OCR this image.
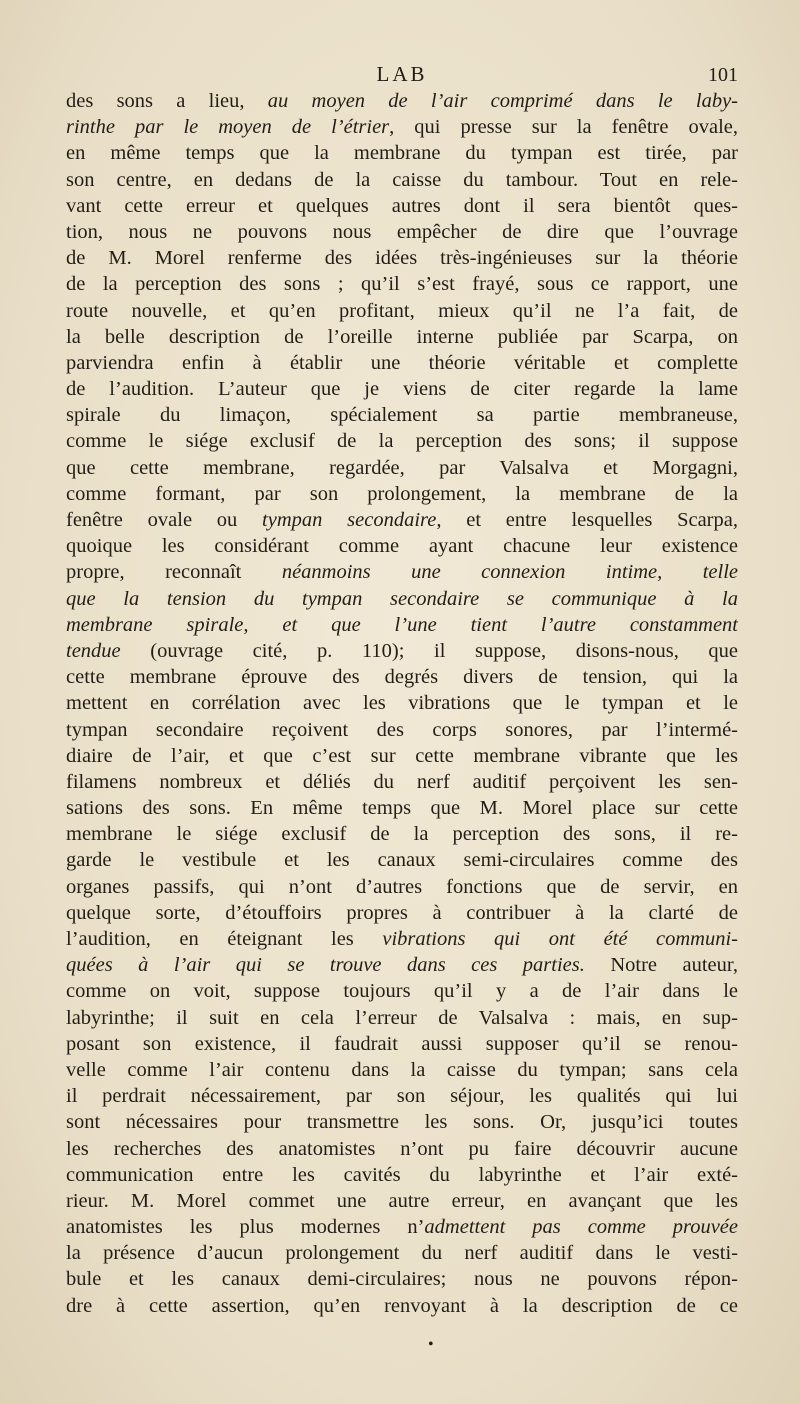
LAB	101
des sons a lieu, au moyen de l’air comprimé dans le laby-
rinthe par le moyen de l’étrier, qui presse sur la fenêtre ovale,
en même temps que la membrane du tympan est tirée, par
son centre, en dedans de la caisse du tambour. Tout en rele-
vant cette erreur et quelques autres dont il sera bientôt ques-
tion, nous ne pouvons nous empêcher de dire que l’ouvrage
de M. Morel renferme des idées très-ingénieuses sur la théorie
de la perception des sons ; qu’il s’est frayé, sous ce rapport, une
route nouvelle, et qu’en profitant, mieux qu’il ne l’a fait, de
la belle description de l’oreille interne publiée par Scarpa, on
parviendra enfin à établir une théorie véritable et complette
de l’audition. L’auteur que je viens de citer regarde la lame
spirale du limaçon, spécialement sa partie membraneuse,
comme le siége exclusif de la perception des sons; il suppose
que cette membrane, regardée, par Valsalva et Morgagni,
comme formant, par son prolongement, la membrane de la
fenêtre ovale ou tympan secondaire, et entre lesquelles Scarpa,
quoique les considérant comme ayant chacune leur existence
propre, reconnaît néanmoins une connexion intime, telle
que la tension du tympan secondaire se communique à la
membrane spirale, et que l’une tient l’autre constamment
tendue (ouvrage cité, p. 110); il suppose, disons-nous, que
cette membrane éprouve des degrés divers de tension, qui la
mettent en corrélation avec les vibrations que le tympan et le
tympan secondaire reçoivent des corps sonores, par l’intermé-
diaire de l’air, et que c’est sur cette membrane vibrante que les
filamens nombreux et déliés du nerf auditif perçoivent les sen-
sations des sons. En même temps que M. Morel place sur cette
membrane le siége exclusif de la perception des sons, il re-
garde le vestibule et les canaux semi-circulaires comme des
organes passifs, qui n’ont d’autres fonctions que de servir, en
quelque sorte, d’étouffoirs propres à contribuer à la clarté de
l’audition, en éteignant les vibrations qui ont été communi-
quées à l’air qui se trouve dans ces parties. Notre auteur,
comme on voit, suppose toujours qu’il y a de l’air dans le
labyrinthe; il suit en cela l’erreur de Valsalva : mais, en sup-
posant son existence, il faudrait aussi supposer qu’il se renou-
velle comme l’air contenu dans la caisse du tympan; sans cela
il perdrait nécessairement, par son séjour, les qualités qui lui
sont nécessaires pour transmettre les sons. Or, jusqu’ici toutes
les recherches des anatomistes n’ont pu faire découvrir aucune
communication entre les cavités du labyrinthe et l’air exté-
rieur. M. Morel commet une autre erreur, en avançant que les
anatomistes les plus modernes n’admettent pas comme prouvée
la présence d’aucun prolongement du nerf auditif dans le vesti-
bule et les canaux demi-circulaires; nous ne pouvons répon-
dre à cette assertion, qu’en renvoyant à la description de ce
•
